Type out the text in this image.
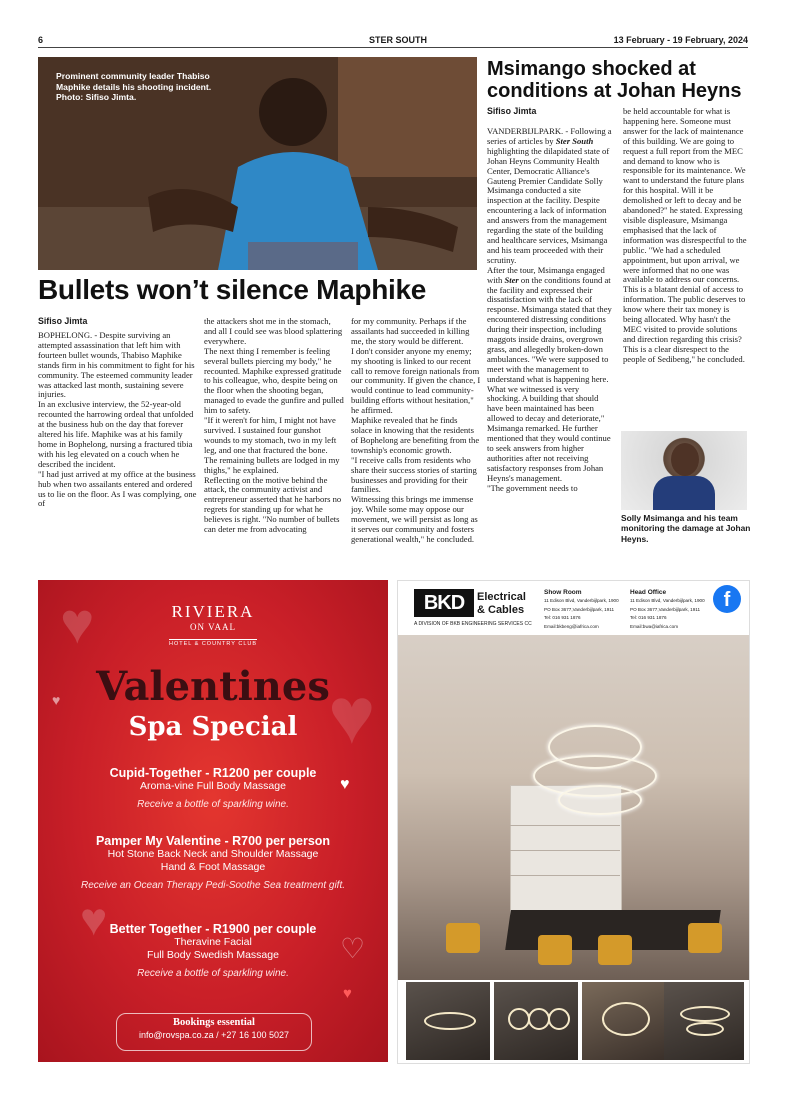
6	STER SOUTH	13 February - 19 February, 2024
Prominent community leader Thabiso Maphike details his shooting incident. Photo: Sifiso Jimta.
Bullets won’t silence Maphike
Sifiso Jimta

BOPHELONG. - Despite surviving an attempted assassination that left him with fourteen bullet wounds, Thabiso Maphike stands firm in his commitment to fight for his community. The esteemed community leader was attacked last month, sustaining severe injuries.

In an exclusive interview, the 52-year-old recounted the harrowing ordeal that unfolded at the business hub on the day that forever altered his life. Maphike was at his family home in Bophelong, nursing a fractured tibia with his leg elevated on a couch when he described the incident.

"I had just arrived at my office at the business hub when two assailants entered and ordered us to lie on the floor. As I was complying, one of

the attackers shot me in the stomach, and all I could see was blood splattering everywhere.

The next thing I remember is feeling several bullets piercing my body," he recounted. Maphike expressed gratitude to his colleague, who, despite being on the floor when the shooting began, managed to evade the gunfire and pulled him to safety.

"If it weren't for him, I might not have survived. I sustained four gunshot wounds to my stomach, two in my left leg, and one that fractured the bone.

The remaining bullets are lodged in my thighs," he explained.

Reflecting on the motive behind the attack, the community activist and entrepreneur asserted that he harbors no regrets for standing up for what he believes is right. "No number of bullets can deter me from advocating

for my community. Perhaps if the assailants had succeeded in killing me, the story would be different.

I don't consider anyone my enemy; my shooting is linked to our recent call to remove foreign nationals from our community. If given the chance, I would continue to lead community-building efforts without hesitation," he affirmed.

Maphike revealed that he finds solace in knowing that the residents of Bophelong are benefiting from the township's economic growth.

"I receive calls from residents who share their success stories of starting businesses and providing for their families.

Witnessing this brings me immense joy. While some may oppose our movement, we will persist as long as it serves our community and fosters generational wealth," he concluded.

Msimango shocked at conditions at Johan Heyns
Sifiso Jimta

VANDERBIJLPARK. - Following a series of articles by Ster South highlighting the dilapidated state of Johan Heyns Community Health Center, Democratic Alliance's Gauteng Premier Candidate Solly Msimanga conducted a site inspection at the facility. Despite encountering a lack of information and answers from the management regarding the state of the building and healthcare services, Msimanga and his team proceeded with their scrutiny.

After the tour, Msimanga engaged with Ster on the conditions found at the facility and expressed their dissatisfaction with the lack of response. Msimanga stated that they encountered distressing conditions during their inspection, including maggots inside drains, overgrown grass, and allegedly broken-down ambulances. "We were supposed to meet with the management to understand what is happening here. What we witnessed is very shocking. A building that should have been maintained has been allowed to decay and deteriorate," Msimanga remarked. He further mentioned that they would continue to seek answers from higher authorities after not receiving satisfactory responses from Johan Heyns's management.

"The government needs to

be held accountable for what is happening here. Someone must answer for the lack of maintenance of this building. We are going to request a full report from the MEC and demand to know who is responsible for its maintenance. We want to understand the future plans for this hospital. Will it be demolished or left to decay and be abandoned?" he stated. Expressing visible displeasure, Msimanga emphasised that the lack of information was disrespectful to the public. "We had a scheduled appointment, but upon arrival, we were informed that no one was available to address our concerns. This is a blatant denial of access to information. The public deserves to know where their tax money is being allocated. Why hasn't the MEC visited to provide solutions and direction regarding this crisis? This is a clear disrespect to the people of Sedibeng," he concluded.

Solly Msimanga and his team monitoring the damage at Johan Heyns.
♥
♥
♥
♥
♥
♡
♥
RIVIERA
ON VAAL
HOTEL & COUNTRY CLUB
Valentines
Spa Special
Cupid-Together - R1200 per couple
Aroma-vine Full Body Massage
Receive a bottle of sparkling wine.
Pamper My Valentine - R700 per person
Hot Stone Back Neck and Shoulder Massage
Hand & Foot Massage
Receive an Ocean Therapy Pedi-Soothe Sea treatment gift.
Better Together - R1900 per couple
Theravine Facial
Full Body Swedish Massage
Receive a bottle of sparkling wine.
Bookings essential
info@rovspa.co.za / +27 16 100 5027
BKD	Electrical
& Cables
A DIVISION OF BKB ENGINEERING SERVICES CC
Show Room
11 Edison Blvd, Vanderbijlpark, 1900
PO Box 3677,Vanderbijlpark, 1911
Tel: 016 931 1876
Email:bkbeng@iafrica.com
Head Office
11 Edison Blvd, Vanderbijlpark, 1900
PO Box 3677,Vanderbijlpark, 1911
Tel: 016 931 1876
Email:bwa@iafrica.com
f
